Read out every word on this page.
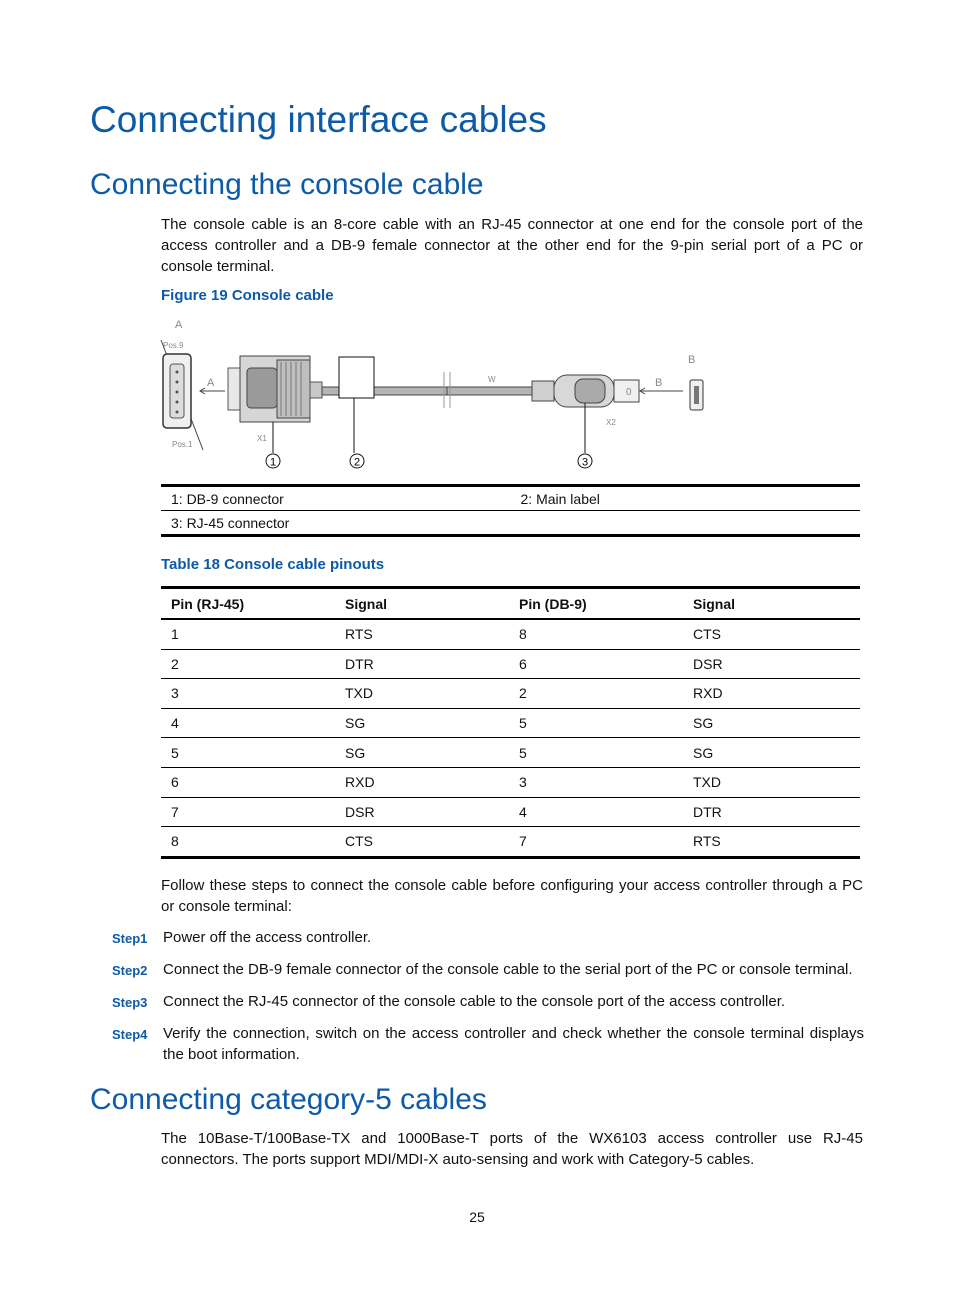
Connecting interface cables
Connecting the console cable

The console cable is an 8-core cable with an RJ-45 connector at one end for the console port of the access controller and a DB-9 female connector at the other end for the 9-pin serial port of a PC or console terminal.

Figure 19 Console cable

A
Pos.9
Pos.1
A
X1
W
0
X2
B
B
1	2	3
1: DB-9 connector	2: Main label
3: RJ-45 connector

Table 18 Console cable pinouts

Pin (RJ-45)	Signal	Pin (DB-9)	Signal
1	RTS	8	CTS
2	DTR	6	DSR
3	TXD	2	RXD
4	SG	5	SG
5	SG	5	SG
6	RXD	3	TXD
7	DSR	4	DTR
8	CTS	7	RTS

Follow these steps to connect the console cable before configuring your access controller through a PC or console terminal:

Step1	Power off the access controller.
Step2	Connect the DB-9 female connector of the console cable to the serial port of the PC or console terminal.
Step3	Connect the RJ-45 connector of the console cable to the console port of the access controller.
Step4	Verify the connection, switch on the access controller and check whether the console terminal displays the boot information.
Connecting category-5 cables

The 10Base-T/100Base-TX and 1000Base-T ports of the WX6103 access controller use RJ-45 connectors. The ports support MDI/MDI-X auto-sensing and work with Category-5 cables.

25
